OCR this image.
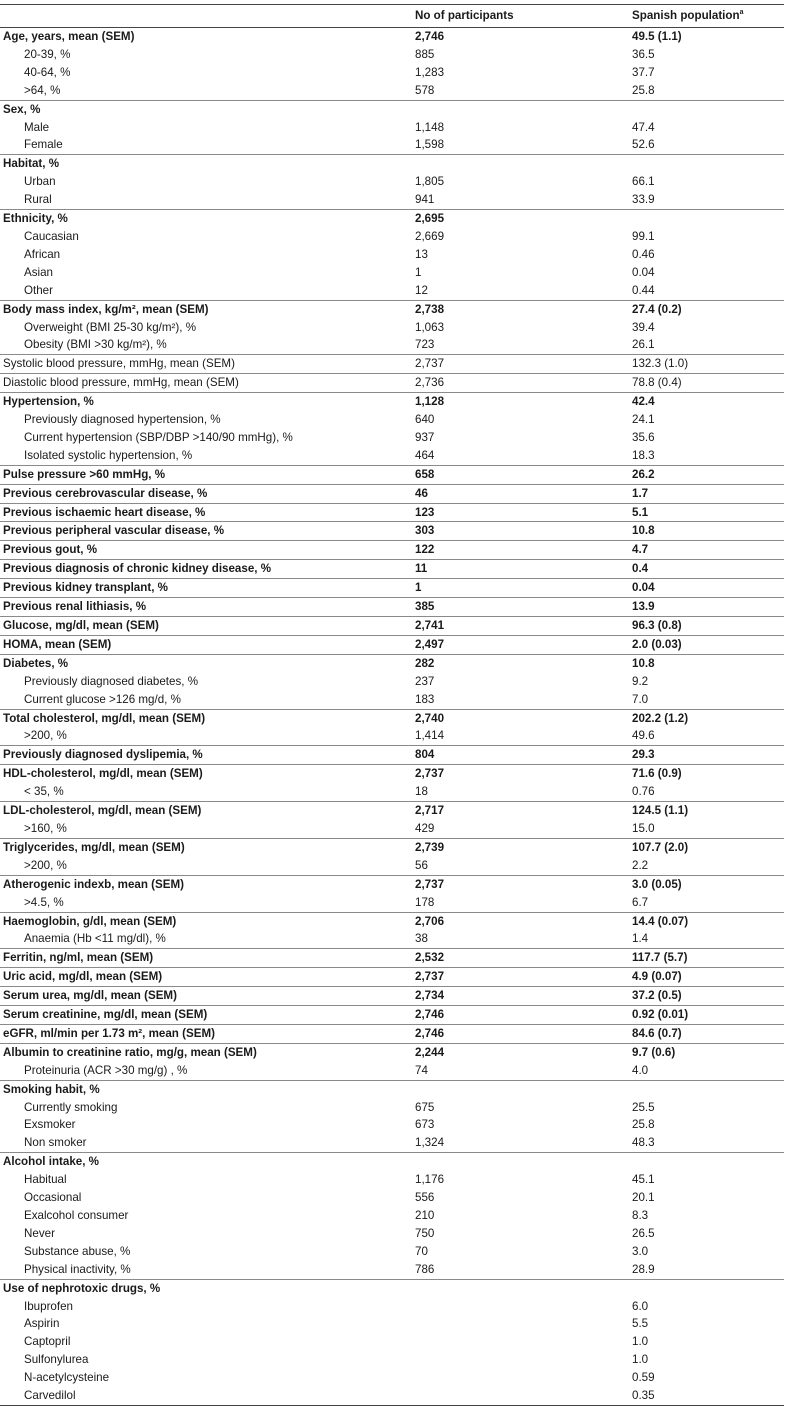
	No of participants	Spanish population$^a$
Age, years, mean (SEM)	2,746	49.5 (1.1)
20-39, %	885	36.5
40-64, %	1,283	37.7
>64, %	578	25.8
Sex, %		
Male	1,148	47.4
Female	1,598	52.6
Habitat, %		
Urban	1,805	66.1
Rural	941	33.9
Ethnicity, %	2,695	
Caucasian	2,669	99.1
African	13	0.46
Asian	1	0.04
Other	12	0.44
Body mass index, kg/m², mean (SEM)	2,738	27.4 (0.2)
Overweight (BMI 25-30 kg/m²), %	1,063	39.4
Obesity (BMI >30 kg/m²), %	723	26.1
Systolic blood pressure, mmHg, mean (SEM)	2,737	132.3 (1.0)
Diastolic blood pressure, mmHg, mean (SEM)	2,736	78.8 (0.4)
Hypertension, %	1,128	42.4
Previously diagnosed hypertension, %	640	24.1
Current hypertension (SBP/DBP >140/90 mmHg), %	937	35.6
Isolated systolic hypertension, %	464	18.3
Pulse pressure >60 mmHg, %	658	26.2
Previous cerebrovascular disease, %	46	1.7
Previous ischaemic heart disease, %	123	5.1
Previous peripheral vascular disease, %	303	10.8
Previous gout, %	122	4.7
Previous diagnosis of chronic kidney disease, %	11	0.4
Previous kidney transplant, %	1	0.04
Previous renal lithiasis, %	385	13.9
Glucose, mg/dl, mean (SEM)	2,741	96.3 (0.8)
HOMA, mean (SEM)	2,497	2.0 (0.03)
Diabetes, %	282	10.8
Previously diagnosed diabetes, %	237	9.2
Current glucose >126 mg/d, %	183	7.0
Total cholesterol, mg/dl, mean (SEM)	2,740	202.2 (1.2)
>200, %	1,414	49.6
Previously diagnosed dyslipemia, %	804	29.3
HDL-cholesterol, mg/dl, mean (SEM)	2,737	71.6 (0.9)
< 35, %	18	0.76
LDL-cholesterol, mg/dl, mean (SEM)	2,717	124.5 (1.1)
>160, %	429	15.0
Triglycerides, mg/dl, mean (SEM)	2,739	107.7 (2.0)
>200, %	56	2.2
Atherogenic indexb, mean (SEM)	2,737	3.0 (0.05)
>4.5, %	178	6.7
Haemoglobin, g/dl, mean (SEM)	2,706	14.4 (0.07)
Anaemia (Hb <11 mg/dl), %	38	1.4
Ferritin, ng/ml, mean (SEM)	2,532	117.7 (5.7)
Uric acid, mg/dl, mean (SEM)	2,737	4.9 (0.07)
Serum urea, mg/dl, mean (SEM)	2,734	37.2 (0.5)
Serum creatinine, mg/dl, mean (SEM)	2,746	0.92 (0.01)
eGFR, ml/min per 1.73 m², mean (SEM)	2,746	84.6 (0.7)
Albumin to creatinine ratio, mg/g, mean (SEM)	2,244	9.7 (0.6)
Proteinuria (ACR >30 mg/g) , %	74	4.0
Smoking habit, %		
Currently smoking	675	25.5
Exsmoker	673	25.8
Non smoker	1,324	48.3
Alcohol intake, %		
Habitual	1,176	45.1
Occasional	556	20.1
Exalcohol consumer	210	8.3
Never	750	26.5
Substance abuse, %	70	3.0
Physical inactivity, %	786	28.9
Use of nephrotoxic drugs, %		
Ibuprofen		6.0
Aspirin		5.5
Captopril		1.0
Sulfonylurea		1.0
N-acetylcysteine		0.59
Carvedilol		0.35
